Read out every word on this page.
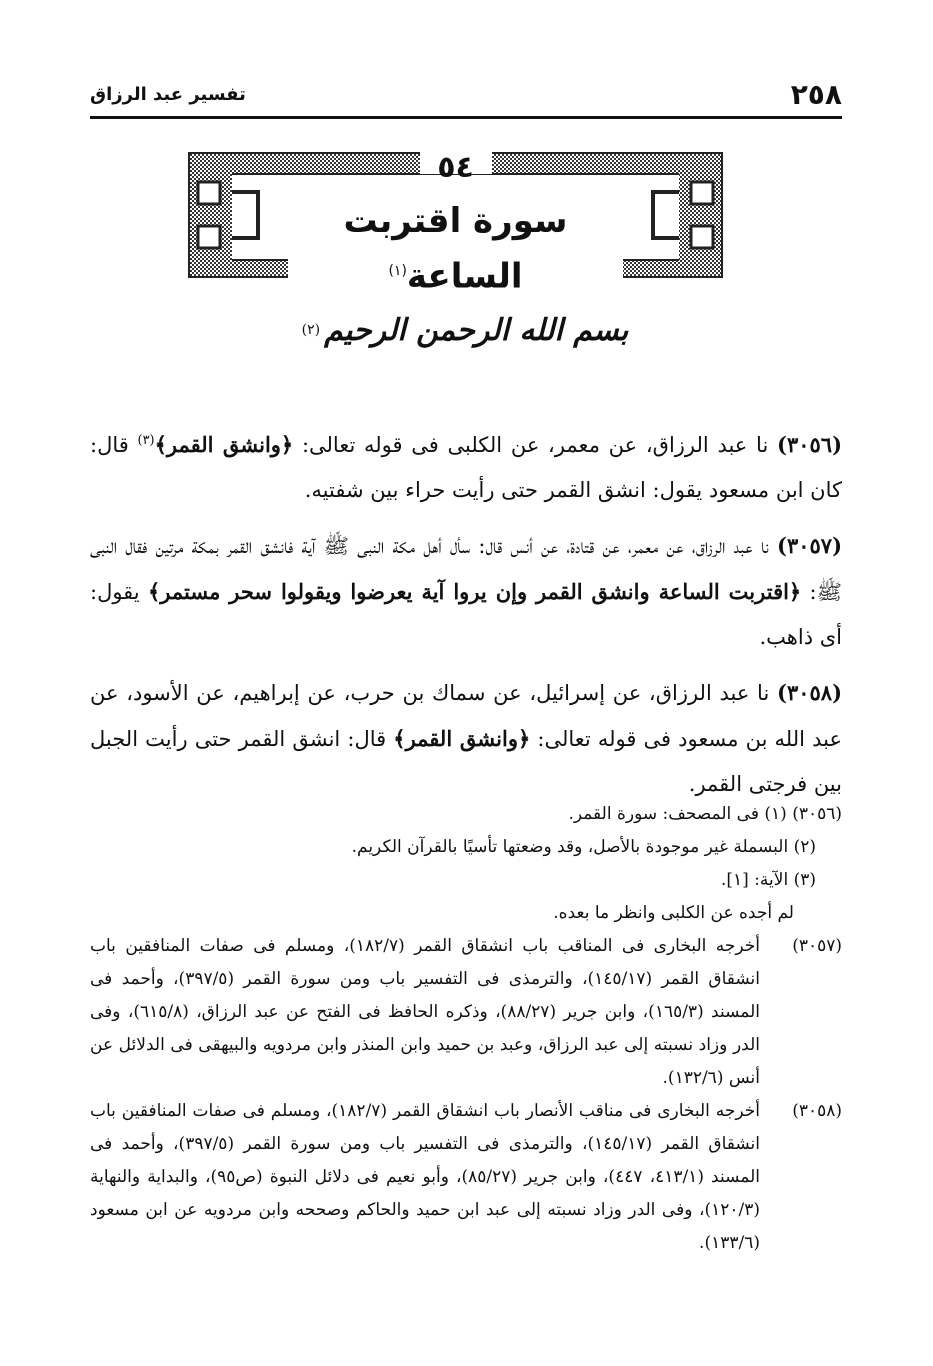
٢٥٨
تفسير عبد الرزاق
٥٤
سورة اقتربت الساعة$^{(١)}$
بسم الله الرحمن الرحيم(٢)

(٣٠٥٦) نا عبد الرزاق، عن معمر، عن الكلبى فى قوله تعالى: ﴿وانشق القمر﴾$^{(٣)}$ قال: كان ابن مسعود يقول: انشق القمر حتى رأيت حراء بين شفتيه.

(٣٠٥٧) نا عبد الرزاق، عن معمر، عن قتادة، عن أنس قال: سأل أهل مكة النبى ﷺ آية فانشق القمر بمكة مرتين فقال النبى ﷺ: ﴿اقتربت الساعة وانشق القمر وإن يروا آية يعرضوا ويقولوا سحر مستمر﴾ يقول: أى ذاهب.

(٣٠٥٨) نا عبد الرزاق، عن إسرائيل، عن سماك بن حرب، عن إبراهيم، عن الأسود، عن عبد الله بن مسعود فى قوله تعالى: ﴿وانشق القمر﴾ قال: انشق القمر حتى رأيت الجبل بين فرجتى القمر.

(٣٠٥٦) (١) فى المصحف: سورة القمر.
(٢) البسملة غير موجودة بالأصل، وقد وضعتها تأسيًا بالقرآن الكريم.
(٣) الآية: [١].
لم أجده عن الكلبى وانظر ما بعده.
(٣٠٥٧)
أخرجه البخارى فى المناقب باب انشقاق القمر (١٨٢/٧)، ومسلم فى صفات المنافقين باب انشقاق القمر (١٤٥/١٧)، والترمذى فى التفسير باب ومن سورة القمر (٣٩٧/٥)، وأحمد فى المسند (١٦٥/٣)، وابن جرير (٨٨/٢٧)، وذكره الحافظ فى الفتح عن عبد الرزاق، (٦١٥/٨)، وفى الدر وزاد نسبته إلى عبد الرزاق، وعبد بن حميد وابن المنذر وابن مردويه والبيهقى فى الدلائل عن أنس (١٣٢/٦).
(٣٠٥٨)
أخرجه البخارى فى مناقب الأنصار باب انشقاق القمر (١٨٢/٧)، ومسلم فى صفات المنافقين باب انشقاق القمر (١٤٥/١٧)، والترمذى فى التفسير باب ومن سورة القمر (٣٩٧/٥)، وأحمد فى المسند (٤١٣/١، ٤٤٧)، وابن جرير (٨٥/٢٧)، وأبو نعيم فى دلائل النبوة (ص٩٥)، والبداية والنهاية (١٢٠/٣)، وفى الدر وزاد نسبته إلى عبد ابن حميد والحاكم وصححه وابن مردويه عن ابن مسعود (١٣٣/٦).
